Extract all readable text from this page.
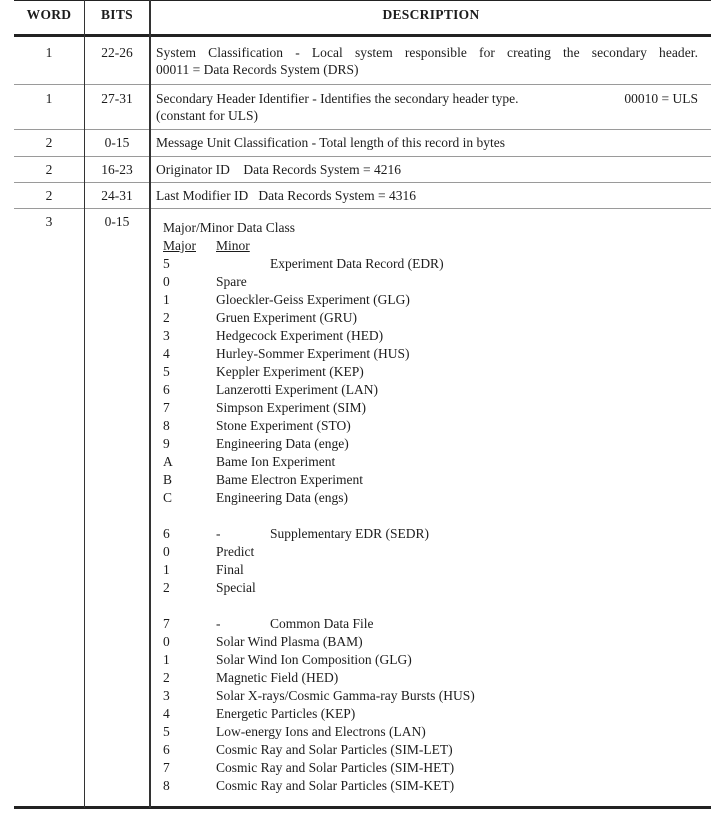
WORD	BITS	DESCRIPTION
1	22-26	System Classification - Local system responsible for creating the secondary header.
00011 = Data Records System (DRS)
1	27-31	Secondary Header Identifier - Identifies the secondary header type.	00010 = ULS
(constant for ULS)
2	0-15	Message Unit Classification - Total length of this record in bytes
2	16-23	Originator ID    Data Records System = 4216
2	24-31	Last Modifier ID   Data Records System = 4316
3	0-15	Major/Minor Data Class
Major Minor
5	Experiment Data Record (EDR)
0	Spare
1	Gloeckler-Geiss Experiment (GLG)
2	Gruen Experiment (GRU)
3	Hedgecock Experiment (HED)
4	Hurley-Sommer Experiment (HUS)
5	Keppler Experiment (KEP)
6	Lanzerotti Experiment (LAN)
7	Simpson Experiment (SIM)
8	Stone Experiment (STO)
9	Engineering Data (enge)
A	Bame Ion Experiment
B	Bame Electron Experiment
C	Engineering Data (engs)
6	-	Supplementary EDR (SEDR)
0	Predict
1	Final
2	Special
7	-	Common Data File
0	Solar Wind Plasma (BAM)
1	Solar Wind Ion Composition (GLG)
2	Magnetic Field (HED)
3	Solar X-rays/Cosmic Gamma-ray Bursts (HUS)
4	Energetic Particles (KEP)
5	Low-energy Ions and Electrons (LAN)
6	Cosmic Ray and Solar Particles (SIM-LET)
7	Cosmic Ray and Solar Particles (SIM-HET)
8	Cosmic Ray and Solar Particles (SIM-KET)
